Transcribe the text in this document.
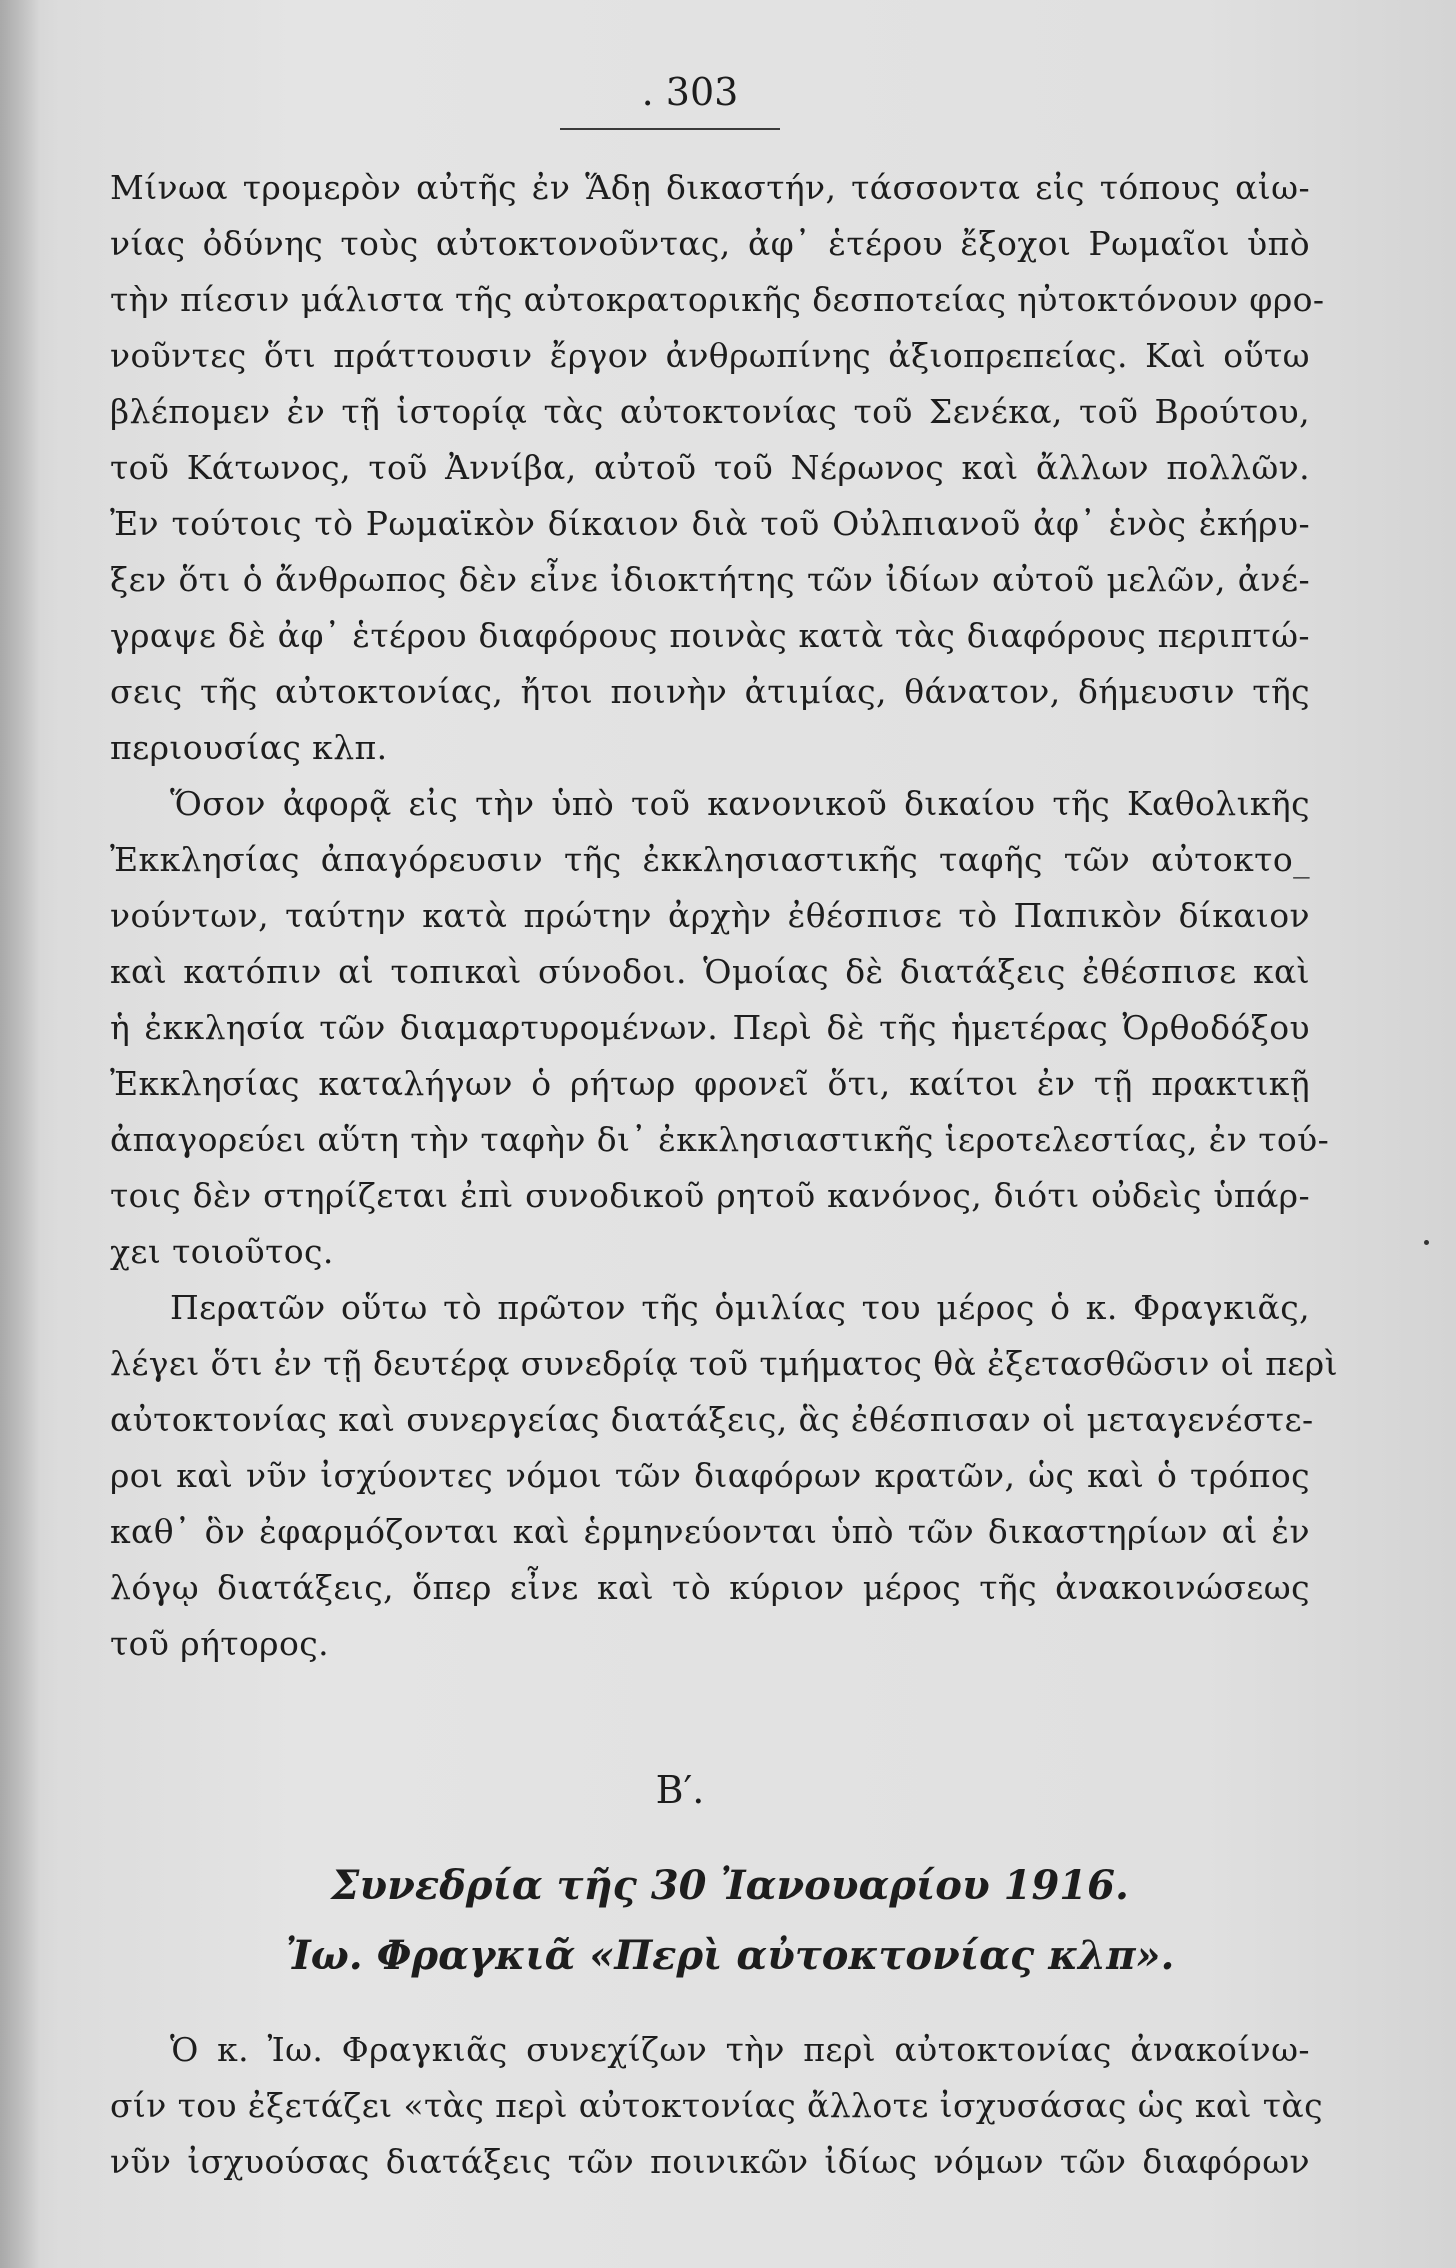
. 303
Μίνωα τρομερὸν αὐτῆς ἐν Ἅδῃ δικαστήν, τάσσοντα εἰς τόπους αἰω-
νίας ὀδύνης τοὺς αὐτοκτονοῦντας, ἀφ᾽ ἑτέρου ἔξοχοι Ρωμαῖοι ὑπὸ
τὴν πίεσιν μάλιστα τῆς αὐτοκρατορικῆς δεσποτείας ηὐτοκτόνουν φρο-
νοῦντες ὅτι πράττουσιν ἔργον ἀνθρωπίνης ἀξιοπρεπείας. Καὶ οὕτω
βλέπομεν ἐν τῇ ἱστορίᾳ τὰς αὐτοκτονίας τοῦ Σενέκα, τοῦ Βρούτου,
τοῦ Κάτωνος, τοῦ Ἀννίβα, αὐτοῦ τοῦ Νέρωνος καὶ ἄλλων πολλῶν.
Ἐν τούτοις τὸ Ρωμαϊκὸν δίκαιον διὰ τοῦ Οὐλπιανοῦ ἀφ᾽ ἑνὸς ἐκήρυ-
ξεν ὅτι ὁ ἄνθρωπος δὲν εἶνε ἰδιοκτήτης τῶν ἰδίων αὐτοῦ μελῶν, ἀνέ-
γραψε δὲ ἀφ᾽ ἑτέρου διαφόρους ποινὰς κατὰ τὰς διαφόρους περιπτώ-
σεις τῆς αὐτοκτονίας, ἤτοι ποινὴν ἀτιμίας, θάνατον, δήμευσιν τῆς
περιουσίας κλπ.
Ὅσον ἀφορᾷ εἰς τὴν ὑπὸ τοῦ κανονικοῦ δικαίου τῆς Καθολικῆς
Ἐκκλησίας ἀπαγόρευσιν τῆς ἐκκλησιαστικῆς ταφῆς τῶν αὐτοκτο_
νούντων, ταύτην κατὰ πρώτην ἀρχὴν ἐθέσπισε τὸ Παπικὸν δίκαιον
καὶ κατόπιν αἱ τοπικαὶ σύνοδοι. Ὁμοίας δὲ διατάξεις ἐθέσπισε καὶ
ἡ ἐκκλησία τῶν διαμαρτυρομένων. Περὶ δὲ τῆς ἡμετέρας Ὀρθοδόξου
Ἐκκλησίας καταλήγων ὁ ρήτωρ φρονεῖ ὅτι, καίτοι ἐν τῇ πρακτικῇ
ἀπαγορεύει αὕτη τὴν ταφὴν δι᾽ ἐκκλησιαστικῆς ἱεροτελεστίας, ἐν τού-
τοις δὲν στηρίζεται ἐπὶ συνοδικοῦ ρητοῦ κανόνος, διότι οὐδεὶς ὑπάρ-
χει τοιοῦτος.
Περατῶν οὕτω τὸ πρῶτον τῆς ὁμιλίας του μέρος ὁ κ. Φραγκιᾶς,
λέγει ὅτι ἐν τῇ δευτέρᾳ συνεδρίᾳ τοῦ τμήματος θὰ ἐξετασθῶσιν οἱ περὶ
αὐτοκτονίας καὶ συνεργείας διατάξεις, ἃς ἐθέσπισαν οἱ μεταγενέστε-
ροι καὶ νῦν ἰσχύοντες νόμοι τῶν διαφόρων κρατῶν, ὡς καὶ ὁ τρόπος
καθ᾽ ὃν ἐφαρμόζονται καὶ ἑρμηνεύονται ὑπὸ τῶν δικαστηρίων αἱ ἐν
λόγῳ διατάξεις, ὅπερ εἶνε καὶ τὸ κύριον μέρος τῆς ἀνακοινώσεως
τοῦ ρήτορος.
Β′.
Συνεδρία τῆς 30 Ἰανουαρίου 1916.
Ἰω. Φραγκιᾶ «Περὶ αὐτοκτονίας κλπ».
Ὁ κ. Ἰω. Φραγκιᾶς συνεχίζων τὴν περὶ αὐτοκτονίας ἀνακοίνω-
σίν του ἐξετάζει «τὰς περὶ αὐτοκτονίας ἄλλοτε ἰσχυσάσας ὡς καὶ τὰς
νῦν ἰσχυούσας διατάξεις τῶν ποινικῶν ἰδίως νόμων τῶν διαφόρων
